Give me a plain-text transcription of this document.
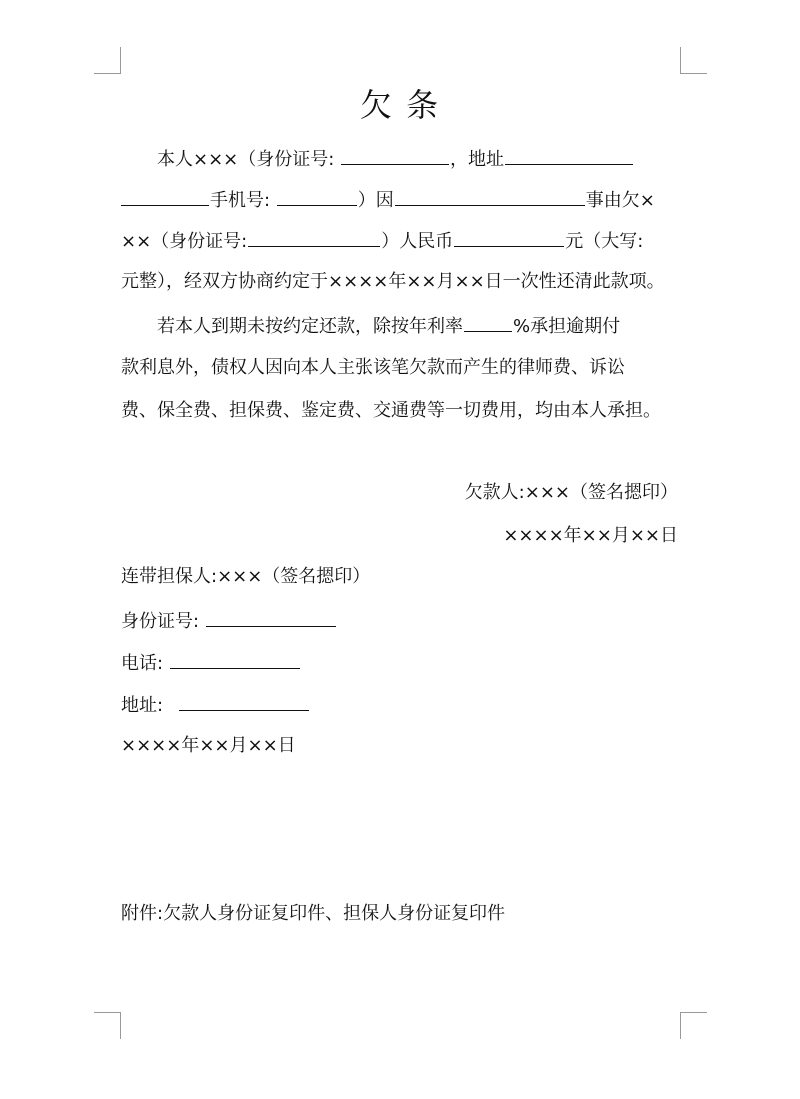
欠 条
本人×××（身份证号:	，地址
手机号:	）因	事由欠×
××（身份证号:	）人民币	元（大写:
元整），经双方协商约定于××××年××月××日一次性还清此款项。
若本人到期未按约定还款，除按年利率	%承担逾期付
款利息外，债权人因向本人主张该笔欠款而产生的律师费、诉讼
费、保全费、担保费、鉴定费、交通费等一切费用，均由本人承担。
欠款人:×××（签名摁印）
××××年××月××日
连带担保人:×××（签名摁印）
身份证号:
电话:
地址:
××××年××月××日
附件:欠款人身份证复印件、担保人身份证复印件
